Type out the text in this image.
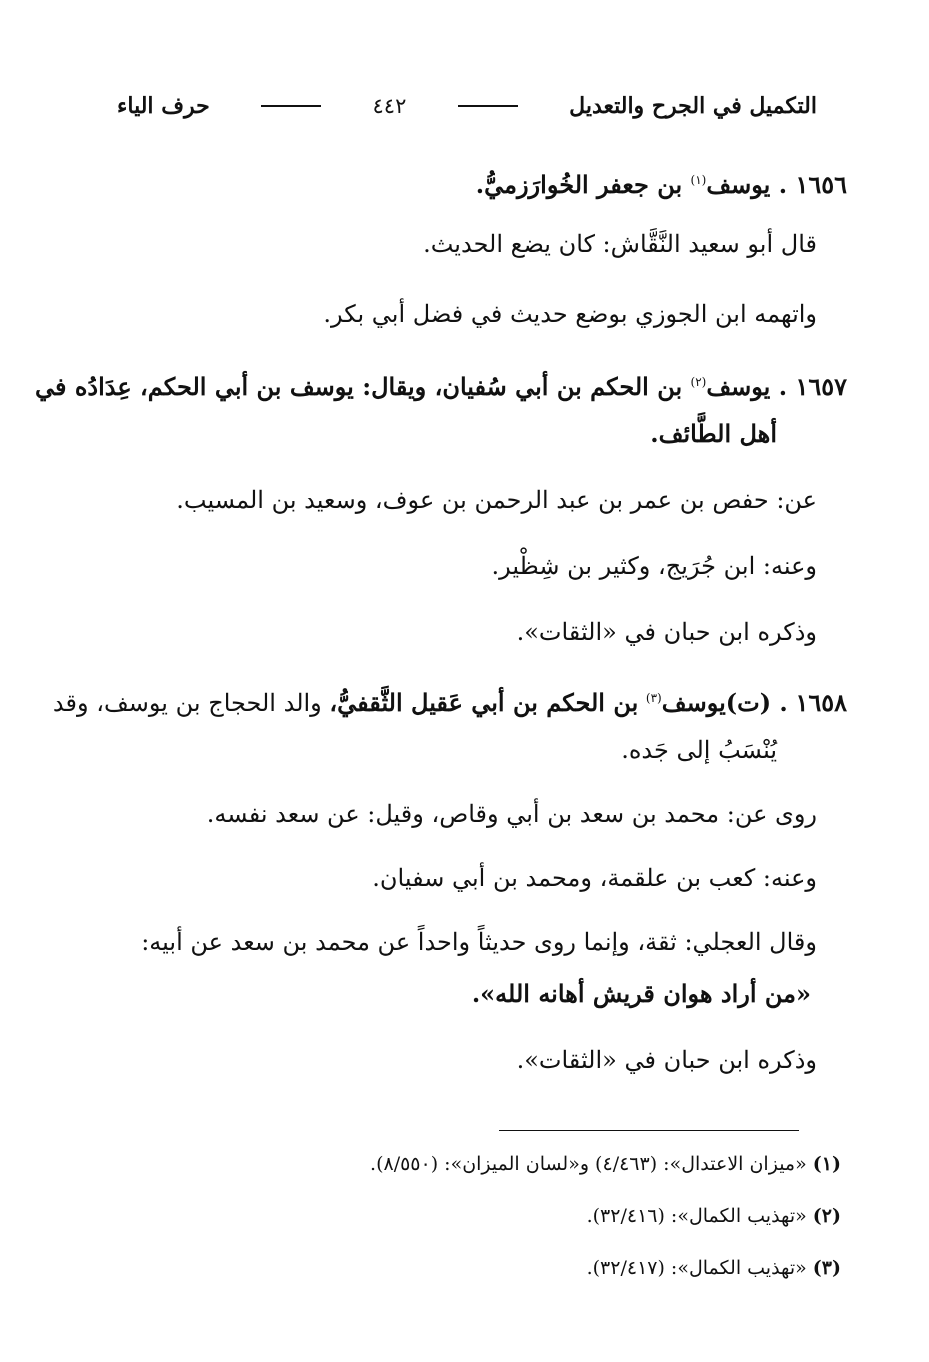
التكميل في الجرح والتعديل
٤٤٢
حرف الياء
١٦٥٦ . يوسف$^{(١)}$ بن جعفر الخُوارَزميُّ.
قال أبو سعيد النَّقَّاش: كان يضع الحديث.
واتهمه ابن الجوزي بوضع حديث في فضل أبي بكر.
١٦٥٧ . يوسف$^{(٢)}$ بن الحكم بن أبي سُفيان، ويقال: يوسف بن أبي الحكم، عِدَادُه في
أهل الطَّائف.
عن: حفص بن عمر بن عبد الرحمن بن عوف، وسعيد بن المسيب.
وعنه: ابن جُرَيج، وكثير بن شِظْير.
وذكره ابن حبان في «الثقات».
١٦٥٨ . (ت)يوسف$^{(٣)}$ بن الحكم بن أبي عَقيل الثَّقفيُّ، والد الحجاج بن يوسف، وقد
يُنْسَبُ إلى جَده.
روى عن: محمد بن سعد بن أبي وقاص، وقيل: عن سعد نفسه.
وعنه: كعب بن علقمة، ومحمد بن أبي سفيان.
وقال العجلي: ثقة، وإنما روى حديثاً واحداً عن محمد بن سعد عن أبيه:
«من أراد هوان قريش أهانه الله».
وذكره ابن حبان في «الثقات».
(١) «ميزان الاعتدال»: (٤/٤٦٣) و«لسان الميزان»: (٨/٥٥٠).
(٢) «تهذيب الكمال»: (٣٢/٤١٦).
(٣) «تهذيب الكمال»: (٣٢/٤١٧).
